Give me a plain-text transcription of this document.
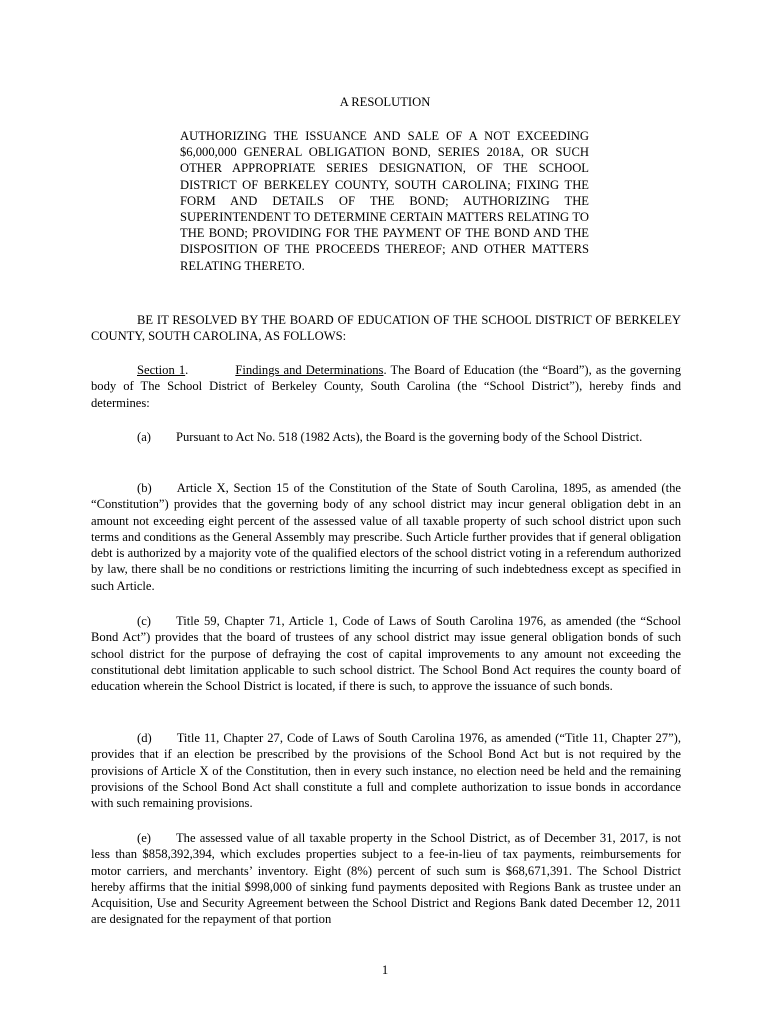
A RESOLUTION
AUTHORIZING THE ISSUANCE AND SALE OF A NOT EXCEEDING $6,000,000 GENERAL OBLIGATION BOND, SERIES 2018A, OR SUCH OTHER APPROPRIATE SERIES DESIGNATION, OF THE SCHOOL DISTRICT OF BERKELEY COUNTY, SOUTH CAROLINA; FIXING THE FORM AND DETAILS OF THE BOND; AUTHORIZING THE SUPERINTENDENT TO DETERMINE CERTAIN MATTERS RELATING TO THE BOND; PROVIDING FOR THE PAYMENT OF THE BOND AND THE DISPOSITION OF THE PROCEEDS THEREOF; AND OTHER MATTERS RELATING THERETO.
BE IT RESOLVED BY THE BOARD OF EDUCATION OF THE SCHOOL DISTRICT OF BERKELEY COUNTY, SOUTH CAROLINA, AS FOLLOWS:
Section 1.	Findings and Determinations. The Board of Education (the “Board”), as the governing body of The School District of Berkeley County, South Carolina (the “School District”), hereby finds and determines:
(a) Pursuant to Act No. 518 (1982 Acts), the Board is the governing body of the School District.
(b) Article X, Section 15 of the Constitution of the State of South Carolina, 1895, as amended (the “Constitution”) provides that the governing body of any school district may incur general obligation debt in an amount not exceeding eight percent of the assessed value of all taxable property of such school district upon such terms and conditions as the General Assembly may prescribe. Such Article further provides that if general obligation debt is authorized by a majority vote of the qualified electors of the school district voting in a referendum authorized by law, there shall be no conditions or restrictions limiting the incurring of such indebtedness except as specified in such Article.
(c) Title 59, Chapter 71, Article 1, Code of Laws of South Carolina 1976, as amended (the “School Bond Act”) provides that the board of trustees of any school district may issue general obligation bonds of such school district for the purpose of defraying the cost of capital improvements to any amount not exceeding the constitutional debt limitation applicable to such school district. The School Bond Act requires the county board of education wherein the School District is located, if there is such, to approve the issuance of such bonds.
(d) Title 11, Chapter 27, Code of Laws of South Carolina 1976, as amended (“Title 11, Chapter 27”), provides that if an election be prescribed by the provisions of the School Bond Act but is not required by the provisions of Article X of the Constitution, then in every such instance, no election need be held and the remaining provisions of the School Bond Act shall constitute a full and complete authorization to issue bonds in accordance with such remaining provisions.
(e) The assessed value of all taxable property in the School District, as of December 31, 2017, is not less than $858,392,394, which excludes properties subject to a fee-in-lieu of tax payments, reimbursements for motor carriers, and merchants’ inventory. Eight (8%) percent of such sum is $68,671,391. The School District hereby affirms that the initial $998,000 of sinking fund payments deposited with Regions Bank as trustee under an Acquisition, Use and Security Agreement between the School District and Regions Bank dated December 12, 2011 are designated for the repayment of that portion
1
